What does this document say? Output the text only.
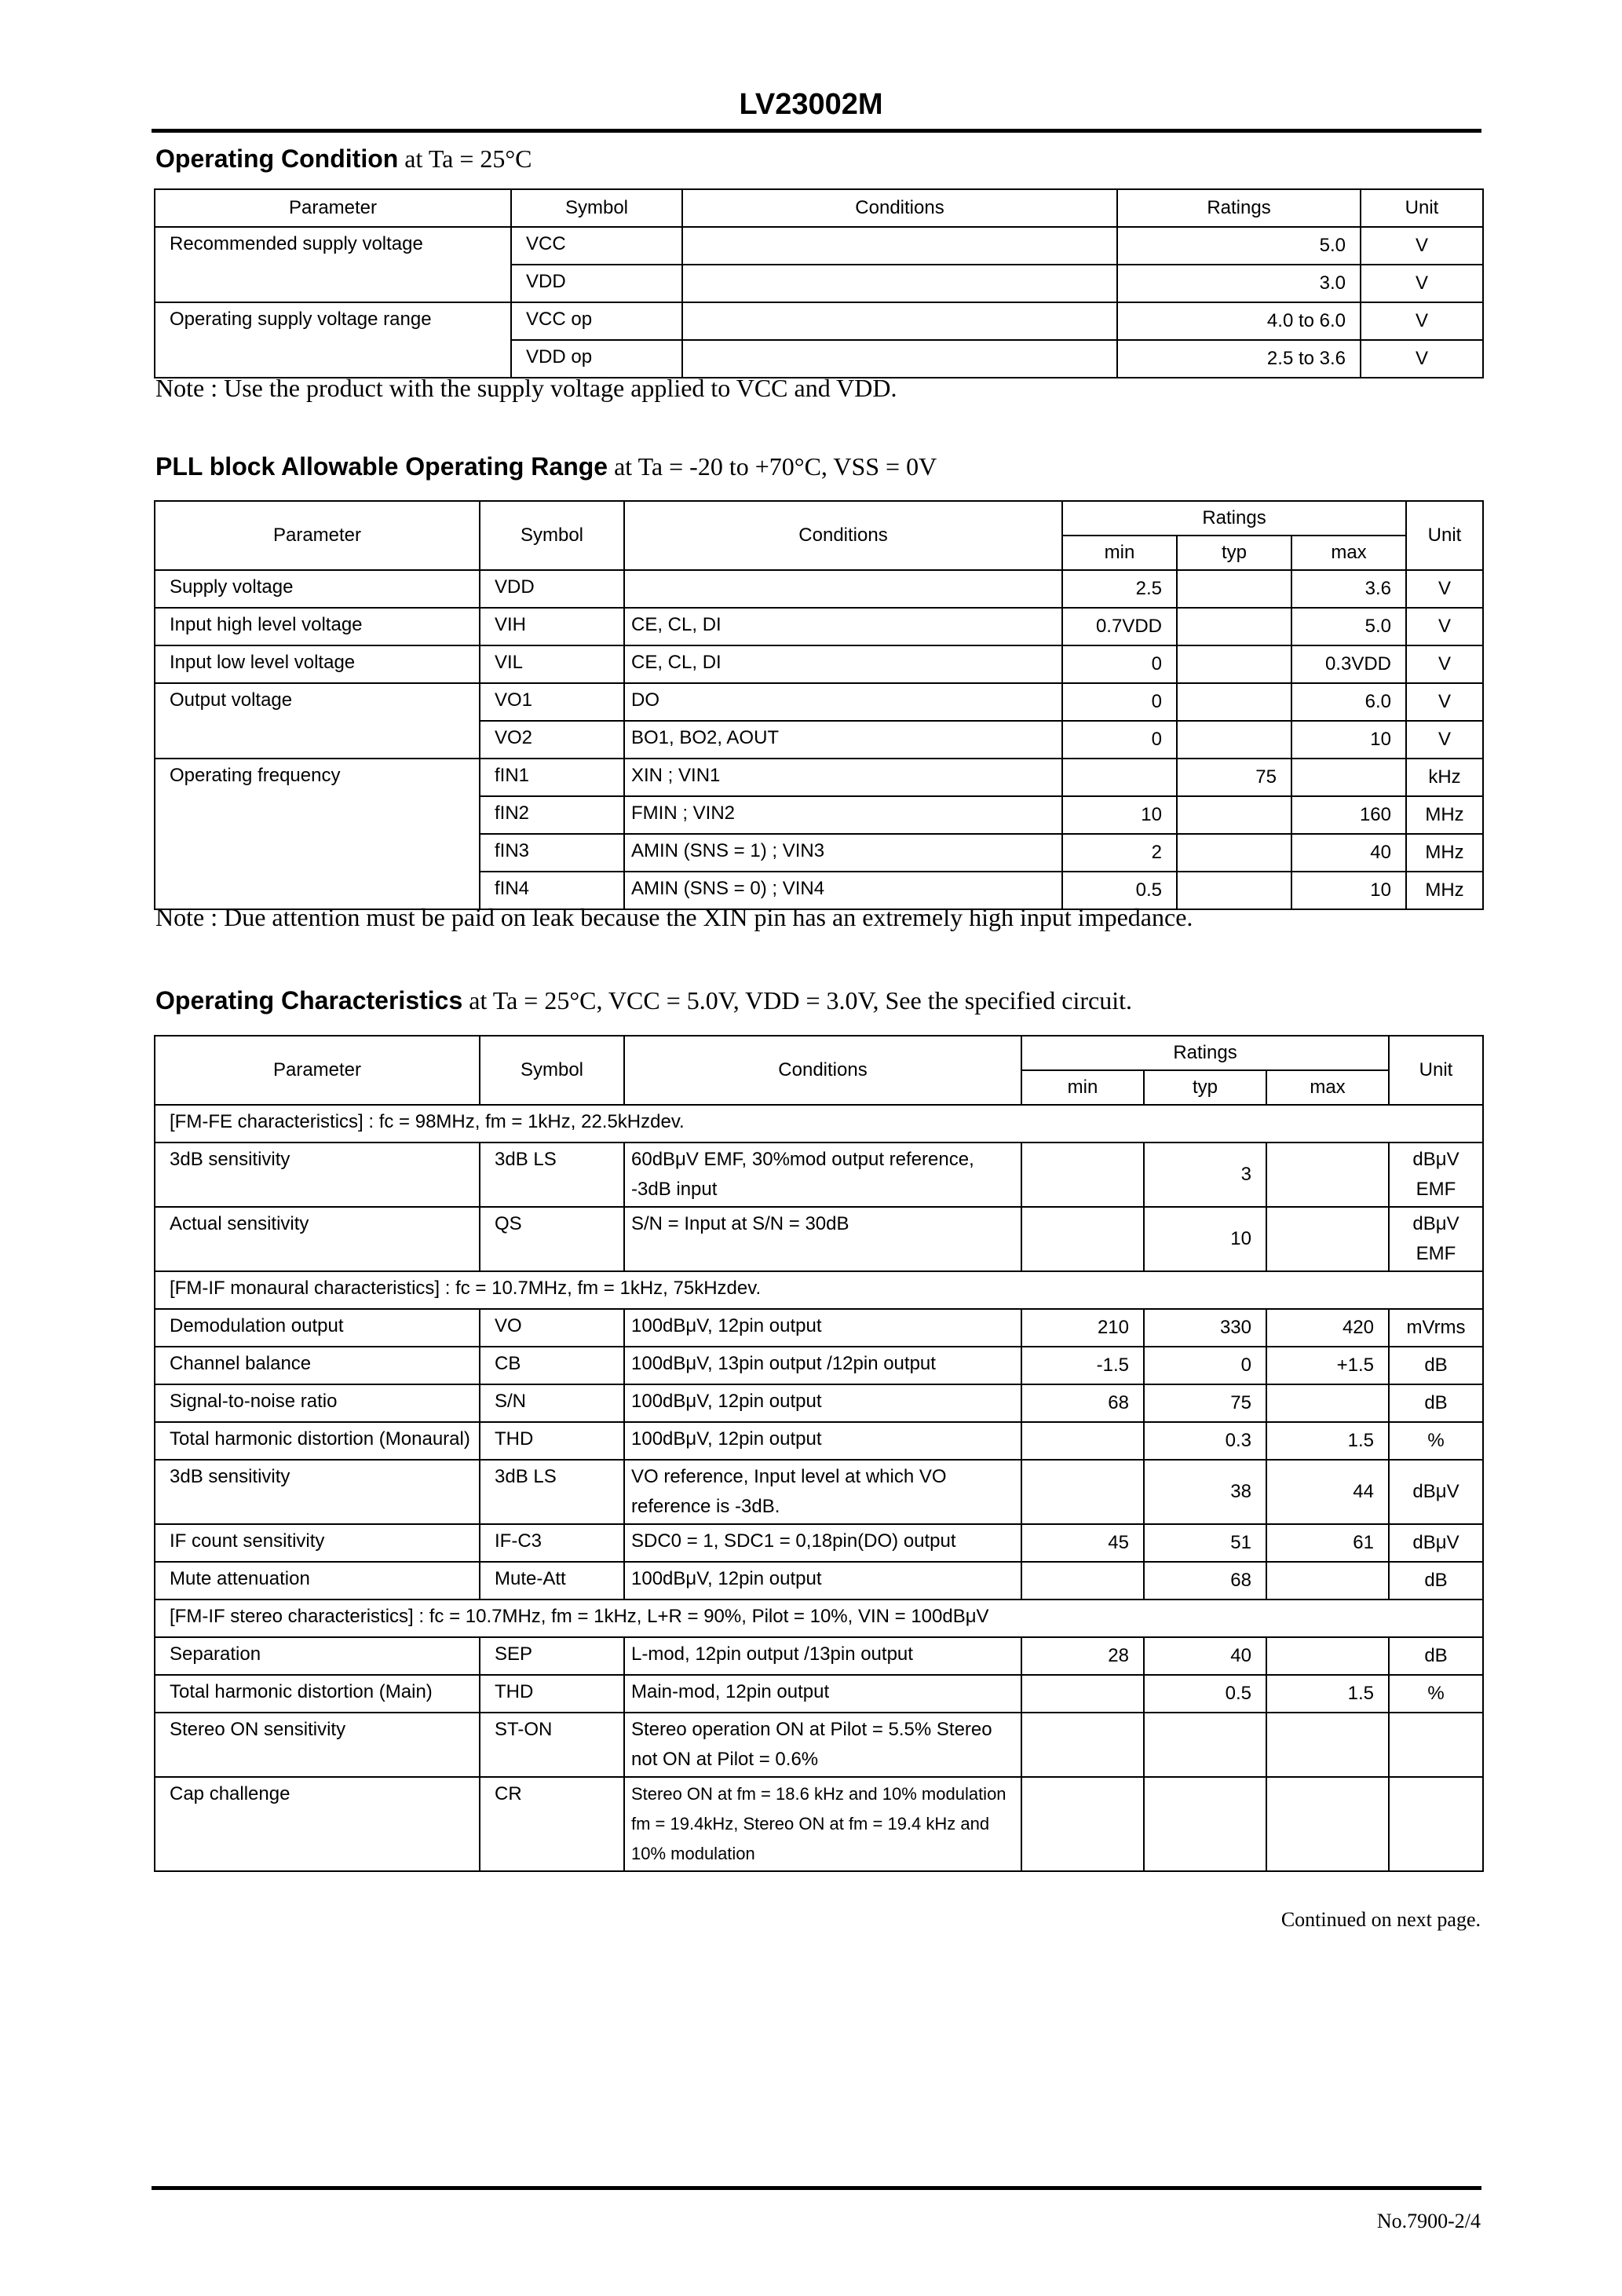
LV23002M
Operating Condition at Ta = 25°C
Parameter	Symbol	Conditions	Ratings	Unit
Recommended supply voltage	VCC		5.0	V
	VDD		3.0	V
Operating supply voltage range	VCC op		4.0 to 6.0	V
	VDD op		2.5 to 3.6	V

Note : Use the product with the supply voltage applied to VCC and VDD.

PLL block Allowable Operating Range at Ta = -20 to +70°C, VSS = 0V
Parameter	Symbol	Conditions	Ratings			Unit
			min	typ	max	
Supply voltage	VDD		2.5		3.6	V
Input high level voltage	VIH	CE, CL, DI	0.7VDD		5.0	V
Input low level voltage	VIL	CE, CL, DI	0		0.3VDD	V
Output voltage	VO1	DO	0		6.0	V
	VO2	BO1, BO2, AOUT	0		10	V
Operating frequency	fIN1	XIN ; VIN1		75		kHz
	fIN2	FMIN ; VIN2	10		160	MHz
	fIN3	AMIN (SNS = 1) ; VIN3	2		40	MHz
	fIN4	AMIN (SNS = 0) ; VIN4	0.5		10	MHz

Note : Due attention must be paid on leak because the XIN pin has an extremely high input impedance.

Operating Characteristics at Ta = 25°C, VCC = 5.0V, VDD = 3.0V, See the specified circuit.
Parameter	Symbol	Conditions	Ratings			Unit
			min	typ	max	
[FM-FE characteristics] : fc = 98MHz, fm = 1kHz, 22.5kHzdev.						
3dB sensitivity	3dB LS	60dBμV EMF, 30%mod output reference, -3dB input		3		dBμV EMF
Actual sensitivity	QS	S/N = Input at S/N = 30dB		10		dBμV EMF
[FM-IF monaural characteristics] : fc = 10.7MHz, fm = 1kHz, 75kHzdev.						
Demodulation output	VO	100dBμV, 12pin output	210	330	420	mVrms
Channel balance	CB	100dBμV, 13pin output /12pin output	-1.5	0	+1.5	dB
Signal-to-noise ratio	S/N	100dBμV, 12pin output	68	75		dB
Total harmonic distortion (Monaural)	THD	100dBμV, 12pin output		0.3	1.5	%
3dB sensitivity	3dB LS	VO reference, Input level at which VO reference is -3dB.		38	44	dBμV
IF count sensitivity	IF-C3	SDC0 = 1, SDC1 = 0,18pin(DO) output	45	51	61	dBμV
Mute attenuation	Mute-Att	100dBμV, 12pin output		68		dB
[FM-IF stereo characteristics] : fc = 10.7MHz, fm = 1kHz, L+R = 90%, Pilot = 10%, VIN = 100dBμV						
Separation	SEP	L-mod, 12pin output /13pin output	28	40		dB
Total harmonic distortion (Main)	THD	Main-mod, 12pin output		0.5	1.5	%
Stereo ON sensitivity	ST-ON	Stereo operation ON at Pilot = 5.5% Stereo not ON at Pilot = 0.6%				
Cap challenge	CR	Stereo ON at fm = 18.6 kHz and 10% modulation fm = 19.4kHz, Stereo ON at fm = 19.4 kHz and 10% modulation				

Continued on next page.

No.7900-2/4
